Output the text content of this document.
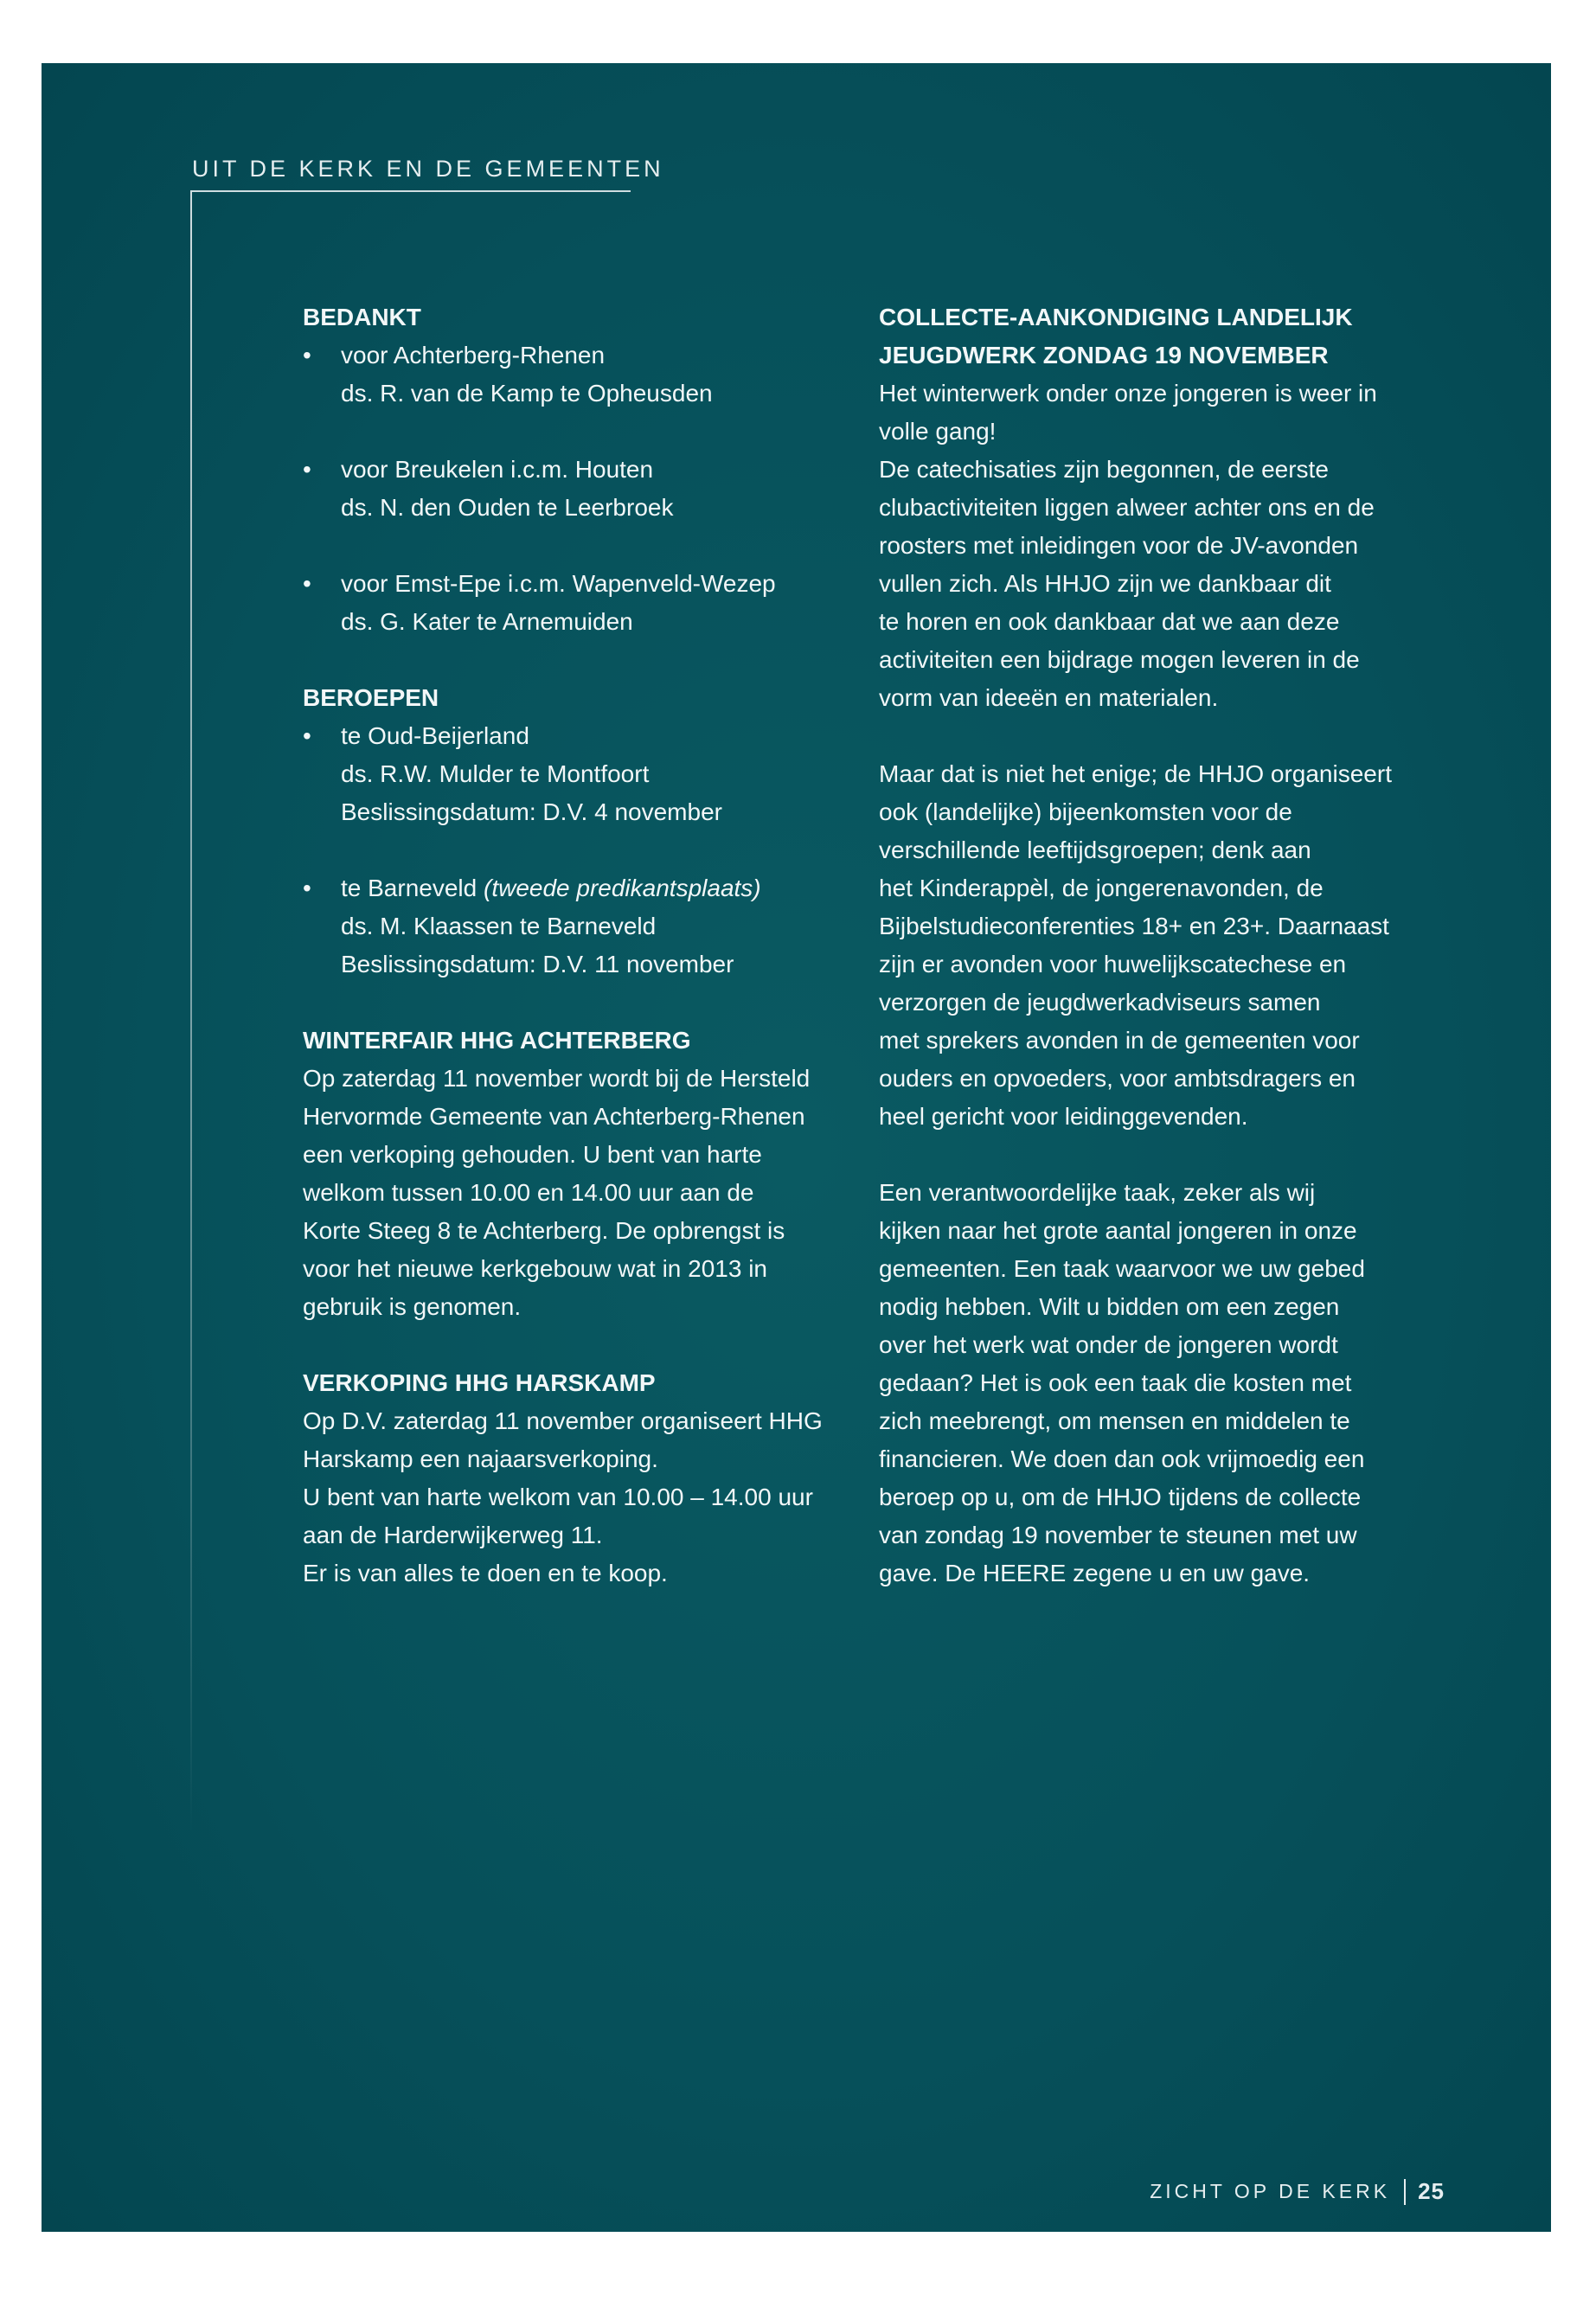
UIT DE KERK EN DE GEMEENTEN
BEDANKT
•	voor Achterberg-Rhenen

ds. R. van de Kamp te Opheusden

•	voor Breukelen i.c.m. Houten

ds. N. den Ouden te Leerbroek

•	voor Emst-Epe i.c.m. Wapenveld-Wezep

ds. G. Kater te Arnemuiden

BEROEPEN
•	te Oud-Beijerland

ds. R.W. Mulder te Montfoort

Beslissingsdatum: D.V. 4 november

•	te Barneveld (tweede predikantsplaats)

ds. M. Klaassen te Barneveld

Beslissingsdatum: D.V. 11 november

WINTERFAIR HHG ACHTERBERG

Op zaterdag 11 november wordt bij de Hersteld

Hervormde Gemeente van Achterberg-Rhenen

een verkoping gehouden. U bent van harte

welkom tussen 10.00 en 14.00 uur aan de

Korte Steeg 8 te Achterberg. De opbrengst is

voor het nieuwe kerkgebouw wat in 2013 in

gebruik is genomen.

VERKOPING HHG HARSKAMP

Op D.V. zaterdag 11 november organiseert HHG

Harskamp een najaarsverkoping.

U bent van harte welkom van 10.00 – 14.00 uur

aan de Harderwijkerweg 11.

Er is van alles te doen en te koop.

COLLECTE-AANKONDIGING LANDELIJK
JEUGDWERK ZONDAG 19 NOVEMBER

Het winterwerk onder onze jongeren is weer in

volle gang!

De catechisaties zijn begonnen, de eerste

clubactiviteiten liggen alweer achter ons en de

roosters met inleidingen voor de JV-avonden

vullen zich. Als HHJO zijn we dankbaar dit

te horen en ook dankbaar dat we aan deze

activiteiten een bijdrage mogen leveren in de

vorm van ideeën en materialen.

Maar dat is niet het enige; de HHJO organiseert

ook (landelijke) bijeenkomsten voor de

verschillende leeftijdsgroepen; denk aan

het Kinderappèl, de jongerenavonden, de

Bijbelstudieconferenties 18+ en 23+. Daarnaast

zijn er avonden voor huwelijkscatechese en

verzorgen de jeugdwerkadviseurs samen

met sprekers avonden in de gemeenten voor

ouders en opvoeders, voor ambtsdragers en

heel gericht voor leidinggevenden.

Een verantwoordelijke taak, zeker als wij

kijken naar het grote aantal jongeren in onze

gemeenten. Een taak waarvoor we uw gebed

nodig hebben. Wilt u bidden om een zegen

over het werk wat onder de jongeren wordt

gedaan? Het is ook een taak die kosten met

zich meebrengt, om mensen en middelen te

financieren. We doen dan ook vrijmoedig een

beroep op u, om de HHJO tijdens de collecte

van zondag 19 november te steunen met uw

gave. De HEERE zegene u en uw gave.

ZICHT OP DE KERK 25
